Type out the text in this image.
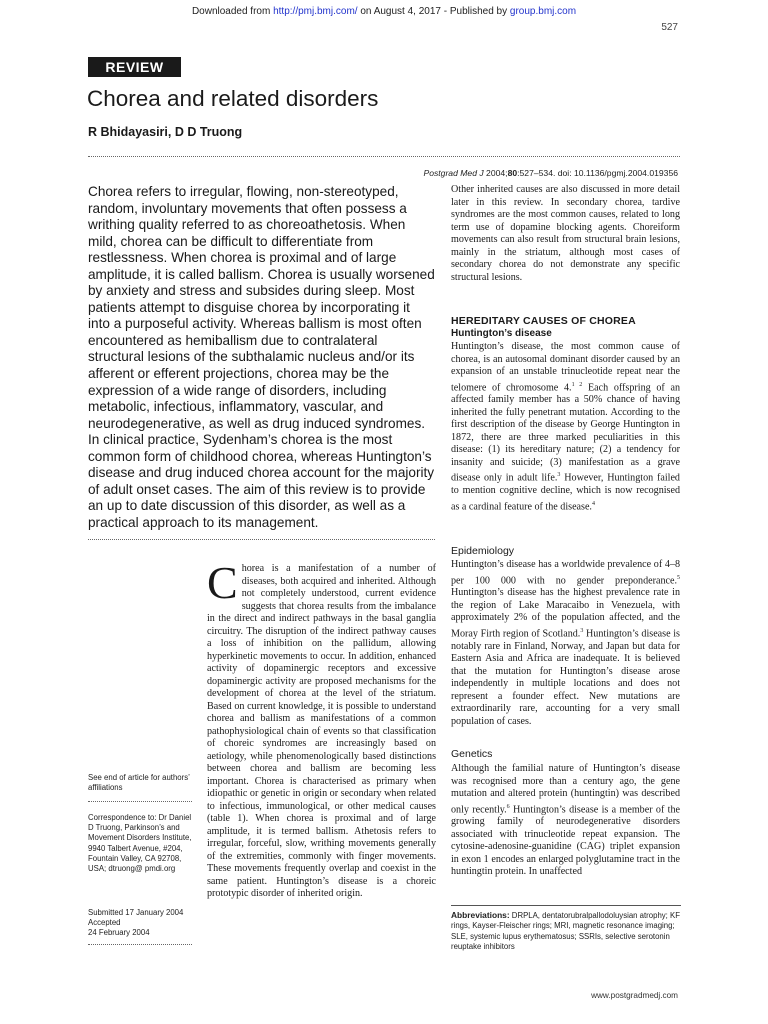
Downloaded from http://pmj.bmj.com/ on August 4, 2017 - Published by group.bmj.com
527
REVIEW
Chorea and related disorders
R Bhidayasiri, D D Truong
Postgrad Med J 2004;80:527–534. doi: 10.1136/pgmj.2004.019356
Chorea refers to irregular, flowing, non-stereotyped, random, involuntary movements that often possess a writhing quality referred to as choreoathetosis. When mild, chorea can be difficult to differentiate from restlessness. When chorea is proximal and of large amplitude, it is called ballism. Chorea is usually worsened by anxiety and stress and subsides during sleep. Most patients attempt to disguise chorea by incorporating it into a purposeful activity. Whereas ballism is most often encountered as hemiballism due to contralateral structural lesions of the subthalamic nucleus and/or its afferent or efferent projections, chorea may be the expression of a wide range of disorders, including metabolic, infectious, inflammatory, vascular, and neurodegenerative, as well as drug induced syndromes. In clinical practice, Sydenham’s chorea is the most common form of childhood chorea, whereas Huntington’s disease and drug induced chorea account for the majority of adult onset cases. The aim of this review is to provide an up to date discussion of this disorder, as well as a practical approach to its management.
Other inherited causes are also discussed in more detail later in this review. In secondary chorea, tardive syndromes are the most common causes, related to long term use of dopamine blocking agents. Choreiform movements can also result from structural brain lesions, mainly in the striatum, although most cases of secondary chorea do not demonstrate any specific structural lesions.
HEREDITARY CAUSES OF CHOREA
Huntington’s disease
Huntington’s disease, the most common cause of chorea, is an autosomal dominant disorder caused by an expansion of an unstable trinucleotide repeat near the telomere of chromosome 4.$^{1 2}$ Each offspring of an affected family member has a 50% chance of having inherited the fully penetrant mutation. According to the first description of the disease by George Huntington in 1872, there are three marked peculiarities in this disease: (1) its hereditary nature; (2) a tendency for insanity and suicide; (3) manifestation as a grave disease only in adult life.$^3$ However, Huntington failed to mention cognitive decline, which is now recognised as a cardinal feature of the disease.$^4$
Epidemiology
Huntington’s disease has a worldwide prevalence of 4–8 per 100 000 with no gender preponderance.$^5$ Huntington’s disease has the highest prevalence rate in the region of Lake Maracaibo in Venezuela, with approximately 2% of the population affected, and the Moray Firth region of Scotland.$^3$ Huntington’s disease is notably rare in Finland, Norway, and Japan but data for Eastern Asia and Africa are inadequate. It is believed that the mutation for Huntington’s disease arose independently in multiple locations and does not represent a founder effect. New mutations are extraordinarily rare, accounting for a very small population of cases.
Genetics
Although the familial nature of Huntington’s disease was recognised more than a century ago, the gene mutation and altered protein (huntingtin) was described only recently.$^6$ Huntington’s disease is a member of the growing family of neurodegenerative disorders associated with trinucleotide repeat expansion. The cytosine-adenosine-guanidine (CAG) triplet expansion in exon 1 encodes an enlarged polyglutamine tract in the huntingtin protein. In unaffected
Chorea is a manifestation of a number of diseases, both acquired and inherited. Although not completely understood, current evidence suggests that chorea results from the imbalance in the direct and indirect pathways in the basal ganglia circuitry. The disruption of the indirect pathway causes a loss of inhibition on the pallidum, allowing hyperkinetic movements to occur. In addition, enhanced activity of dopaminergic receptors and excessive dopaminergic activity are proposed mechanisms for the development of chorea at the level of the striatum. Based on current knowledge, it is possible to understand chorea and ballism as manifestations of a common pathophysiological chain of events so that classification of choreic syndromes are increasingly based on aetiology, while phenomenologically based distinctions between chorea and ballism are becoming less important. Chorea is characterised as primary when idiopathic or genetic in origin or secondary when related to infectious, immunological, or other medical causes (table 1). When chorea is proximal and of large amplitude, it is termed ballism. Athetosis refers to irregular, forceful, slow, writhing movements generally of the extremities, commonly with finger movements. These movements frequently overlap and coexist in the same patient. Huntington’s disease is a choreic prototypic disorder of inherited origin.
See end of article for authors’ affiliations
Correspondence to: Dr Daniel D Truong, Parkinson’s and Movement Disorders Institute, 9940 Talbert Avenue, #204, Fountain Valley, CA 92708, USA; dtruong@ pmdi.org
Submitted 17 January 2004
Accepted
24 February 2004
Abbreviations: DRPLA, dentatorubralpallodoluysian atrophy; KF rings, Kayser-Fleischer rings; MRI, magnetic resonance imaging; SLE, systemic lupus erythematosus; SSRIs, selective serotonin reuptake inhibitors
www.postgradmedj.com
